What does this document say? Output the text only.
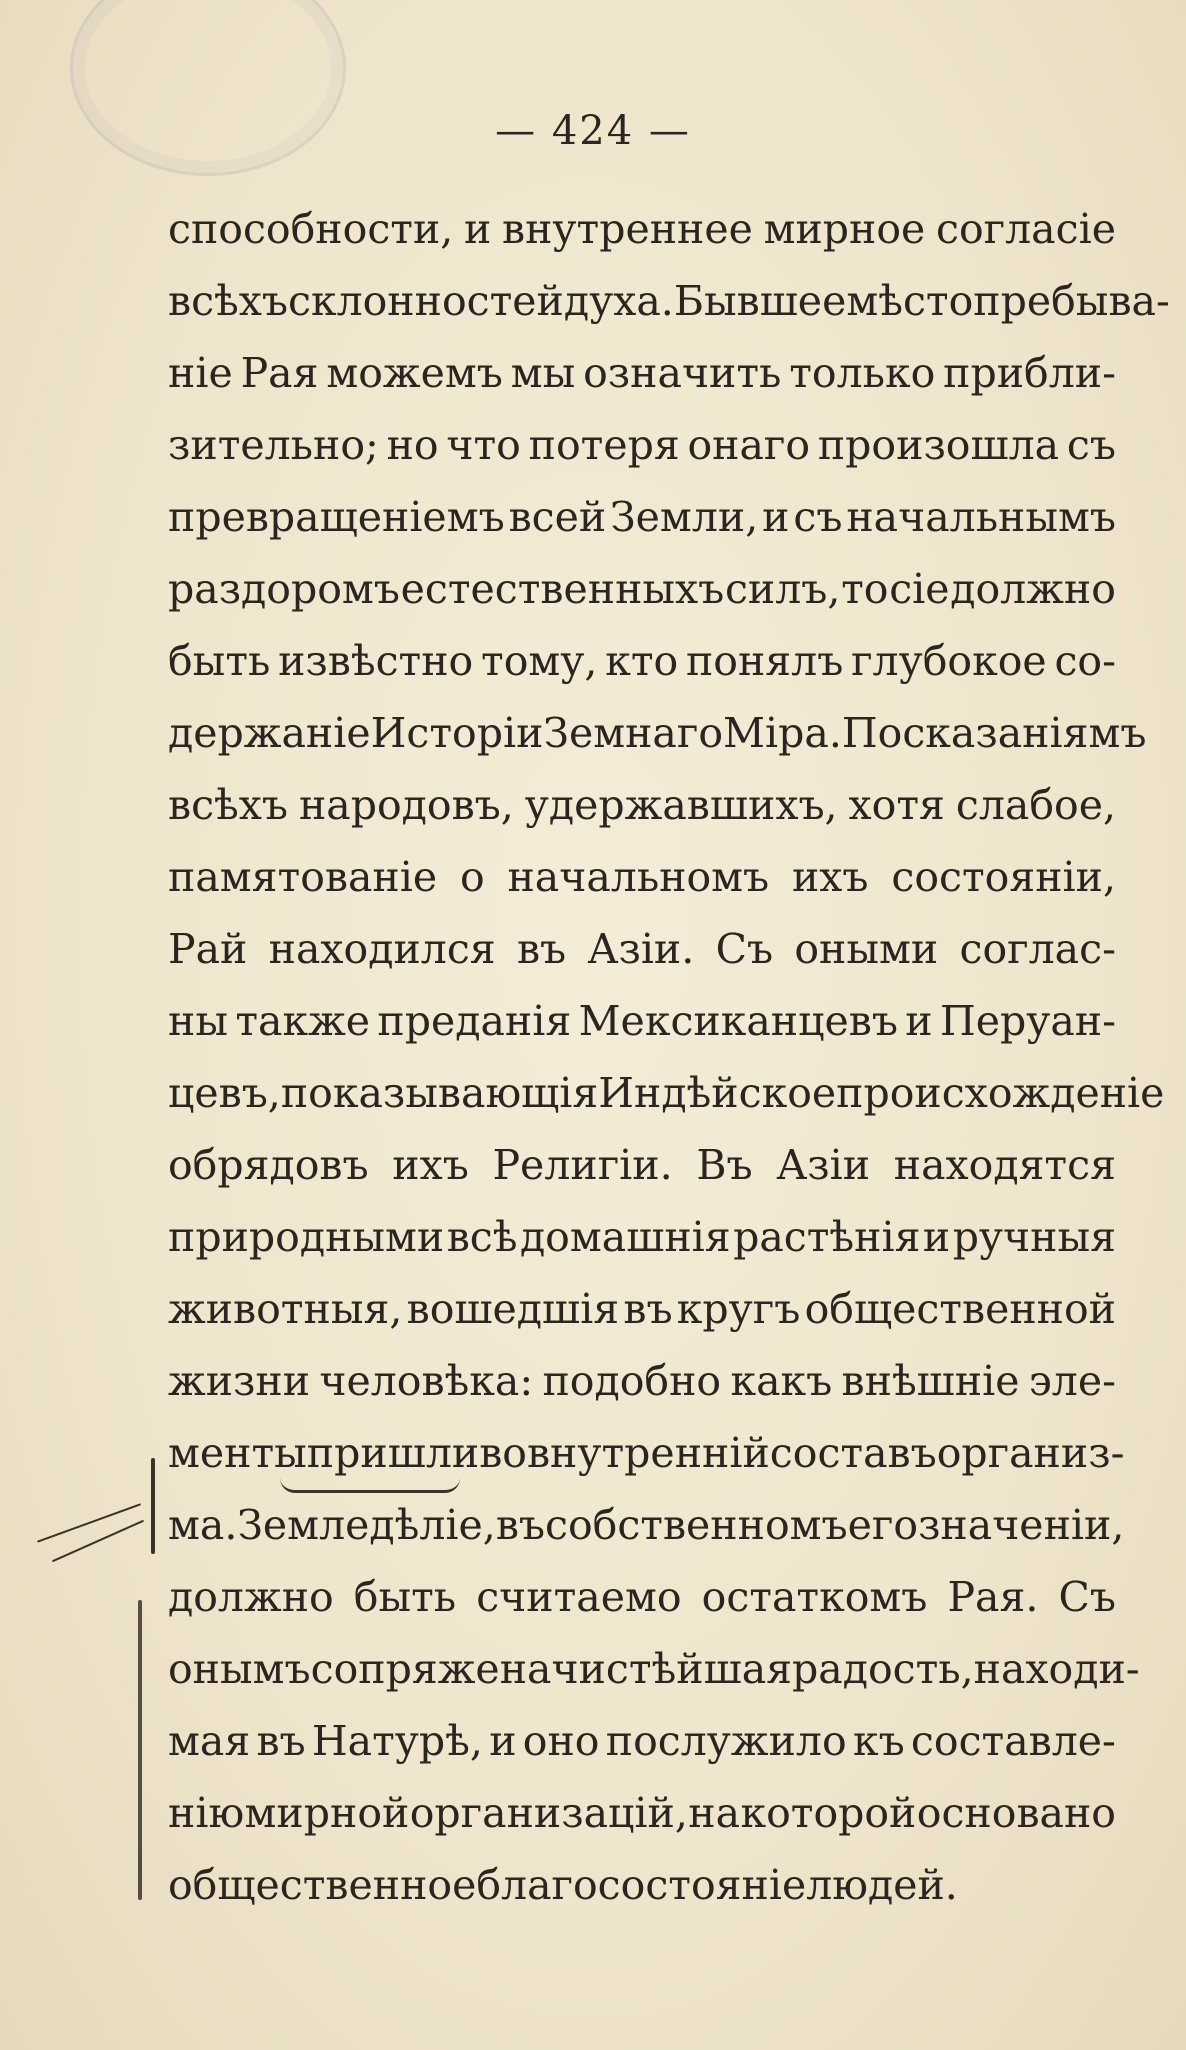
— 424 —
способности, и внутреннее мирное согласіе
всѣхъ склонностей духа. Бывшее мѣстопребыва-
ніе Рая можемъ мы означить только прибли-
зительно; но что потеря онаго произошла съ
превращеніемъ всей Земли, и съ начальнымъ
раздоромъ естественныхъ силъ, то сіе должно
быть извѣстно тому, кто понялъ глубокое со-
держаніе Исторіи Земнаго Міра. По сказаніямъ
всѣхъ народовъ, удержавшихъ, хотя слабое,
памятованіе о начальномъ ихъ состояніи,
Рай находился въ Азіи. Съ оными соглас-
ны также преданія Мексиканцевъ и Перуан-
цевъ, показывающія Индѣйское происхожденіе
обрядовъ ихъ Религіи. Въ Азіи находятся
природными всѣ домашнія растѣнія и ручныя
животныя, вошедшія въ кругъ общественной
жизни человѣка: подобно какъ внѣшніе эле-
менты пришли во внутренній составъ организ-
ма. Земледѣліе, въ собственномъ его значеніи,
должно быть считаемо остаткомъ Рая. Съ
онымъ сопряжена чистѣйшая радость, находи-
мая въ Натурѣ, и оно послужило къ составле-
нію мирной организацій, на которой основано
общественное благосостояніе людей.
